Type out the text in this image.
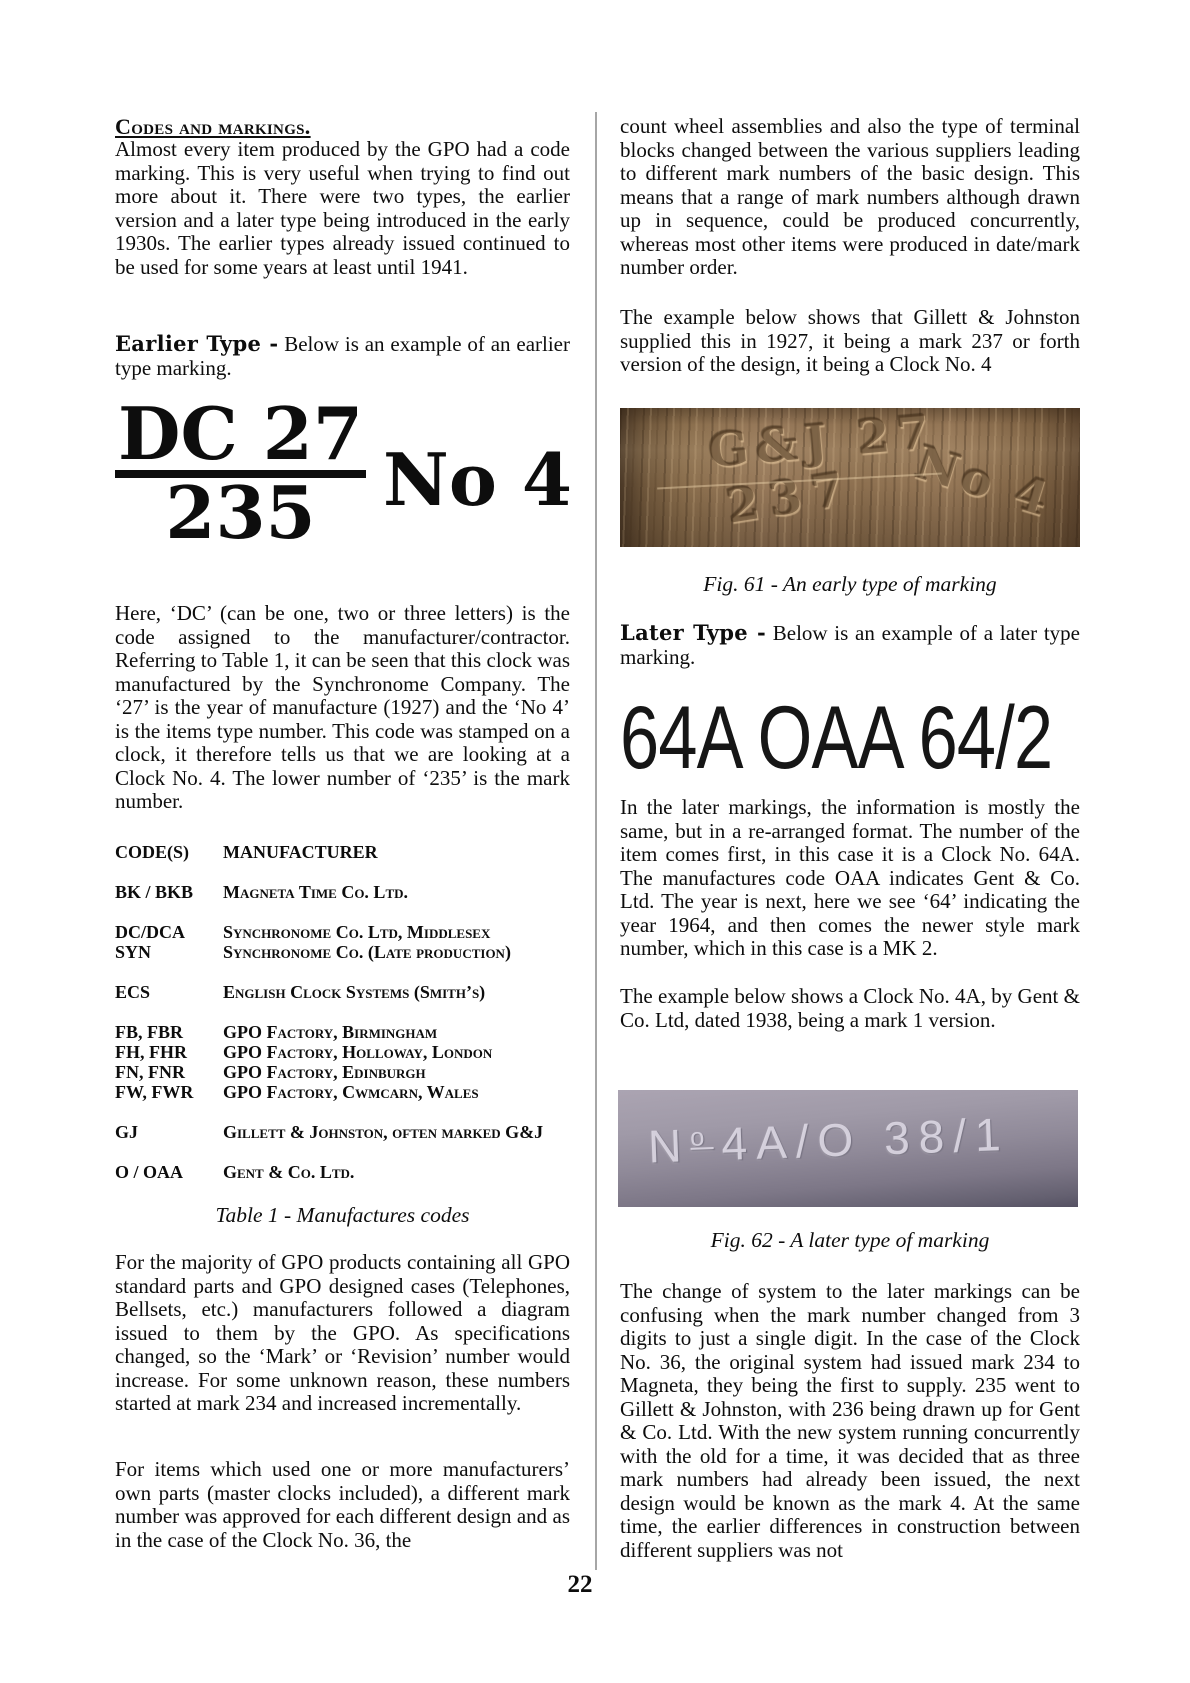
Codes and markings.
Almost every item produced by the GPO had a code marking. This is very useful when trying to find out more about it. There were two types, the earlier version and a later type being introduced in the early 1930s. The earlier types already issued continued to be used for some years at least until 1941.
Earlier Type - Below is an example of an earlier type marking.
$\frac{DC 27}{235}$ No 4
Here, ‘DC’ (can be one, two or three letters) is the code assigned to the manufacturer/contractor. Referring to Table 1, it can be seen that this clock was manufactured by the Synchronome Company. The ‘27’ is the year of manufacture (1927) and the ‘No 4’ is the items type number. This code was stamped on a clock, it therefore tells us that we are looking at a Clock No. 4. The lower number of ‘235’ is the mark number.
CODE(S)	MANUFACTURER
BK / BKB	Magneta Time Co. Ltd.
DC/DCA	Synchronome Co. Ltd, Middlesex
SYN	Synchronome Co. (Late production)
ECS	English Clock Systems (Smith’s)
FB, FBR	GPO Factory, Birmingham
FH, FHR	GPO Factory, Holloway, London
FN, FNR	GPO Factory, Edinburgh
FW, FWR	GPO Factory, Cwmcarn, Wales
GJ	Gillett & Johnston, often marked G&J
O / OAA	Gent & Co. Ltd.
Table 1 - Manufactures codes
For the majority of GPO products containing all GPO standard parts and GPO designed cases (Telephones, Bellsets, etc.) manufacturers followed a diagram issued to them by the GPO. As specifications changed, so the ‘Mark’ or ‘Revision’ number would increase. For some unknown reason, these numbers started at mark 234 and increased incrementally.
For items which used one or more manufacturers’ own parts (master clocks included), a different mark number was approved for each different design and as in the case of the Clock No. 36, the
count wheel assemblies and also the type of terminal blocks changed between the various suppliers leading to different mark numbers of the basic design. This means that a range of mark numbers although drawn up in sequence, could be produced concurrently, whereas most other items were produced in date/mark number order.
The example below shows that Gillett & Johnston supplied this in 1927, it being a mark 237 or forth version of the design, it being a Clock No. 4
G&J 27
237 No 4
Fig. 61 - An early type of marking
Later Type - Below is an example of a later type marking.
64A OAA 64/2
In the later markings, the information is mostly the same, but in a re-arranged format. The number of the item comes first, in this case it is a Clock No. 64A. The manufactures code OAA indicates Gent & Co. Ltd. The year is next, here we see ‘64’ indicating the year 1964, and then comes the newer style mark number, which in this case is a MK 2.
The example below shows a Clock No. 4A, by Gent & Co. Ltd, dated 1938, being a mark 1 version.
$N^o$ 4A/O 38/1
Fig. 62 - A later type of marking
The change of system to the later markings can be confusing when the mark number changed from 3 digits to just a single digit. In the case of the Clock No. 36, the original system had issued mark 234 to Magneta, they being the first to supply. 235 went to Gillett & Johnston, with 236 being drawn up for Gent & Co. Ltd. With the new system running concurrently with the old for a time, it was decided that as three mark numbers had already been issued, the next design would be known as the mark 4. At the same time, the earlier differences in construction between different suppliers was not
22
